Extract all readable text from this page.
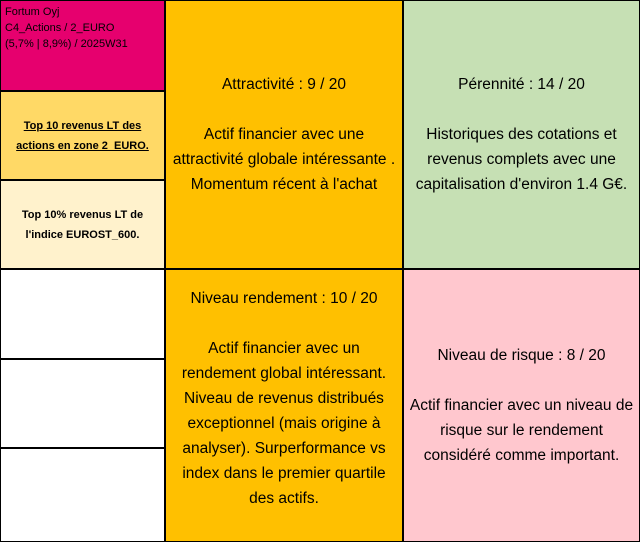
Fortum Oyj
C4_Actions / 2_EURO
(5,7% | 8,9%) / 2025W31
Top 10 revenus LT des actions en zone 2_EURO.
Top 10% revenus LT de l'indice EUROST_600.
Attractivité : 9 / 20
Actif financier avec une attractivité globale intéressante . Momentum récent à l'achat
Pérennité : 14 / 20
Historiques des cotations et revenus complets avec une capitalisation d'environ 1.4 G€.
Niveau rendement : 10 / 20
Actif financier avec un rendement global intéressant. Niveau de revenus distribués exceptionnel (mais origine à analyser). Surperformance vs index dans le premier quartile des actifs.
Niveau de risque : 8 / 20
Actif financier avec un niveau de risque sur le rendement considéré comme important.
